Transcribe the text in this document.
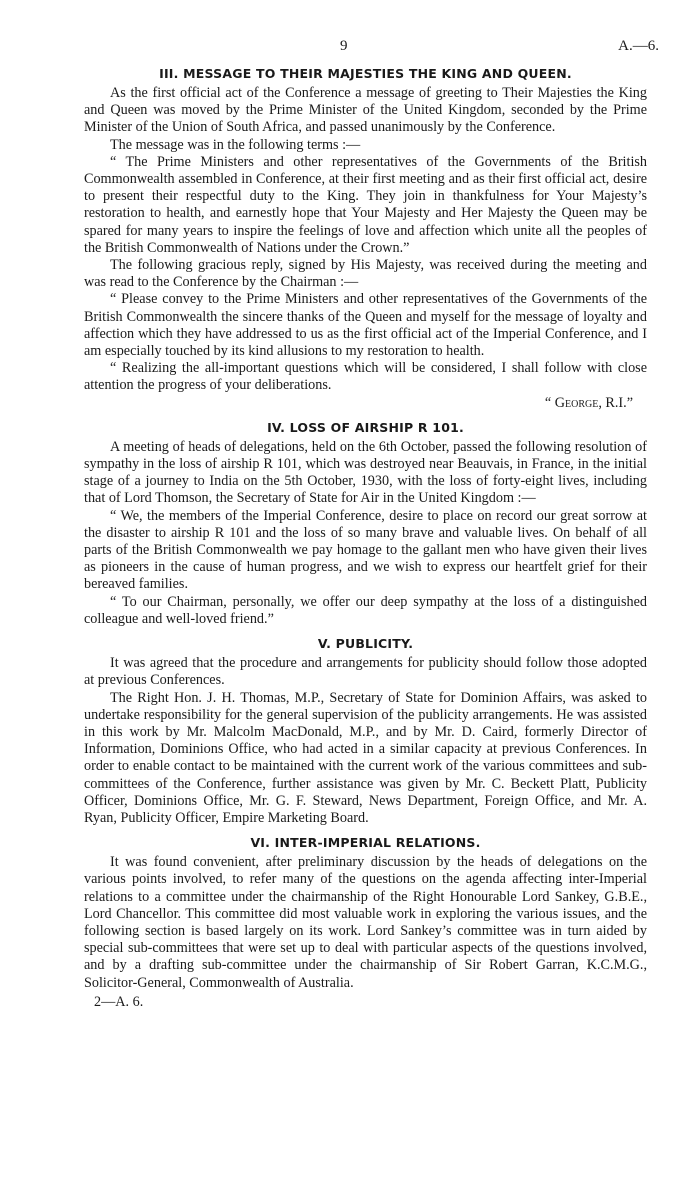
9	A.—6.
III. MESSAGE TO THEIR MAJESTIES THE KING AND QUEEN.

As the first official act of the Conference a message of greeting to Their Majesties the King and Queen was moved by the Prime Minister of the United Kingdom, seconded by the Prime Minister of the Union of South Africa, and passed unanimously by the Conference.

The message was in the following terms :—

“ The Prime Ministers and other representatives of the Governments of the British Commonwealth assembled in Conference, at their first meeting and as their first official act, desire to present their respectful duty to the King. They join in thankfulness for Your Majesty’s restoration to health, and earnestly hope that Your Majesty and Her Majesty the Queen may be spared for many years to inspire the feelings of love and affection which unite all the peoples of the British Commonwealth of Nations under the Crown.”

The following gracious reply, signed by His Majesty, was received during the meeting and was read to the Conference by the Chairman :—

“ Please convey to the Prime Ministers and other representatives of the Governments of the British Commonwealth the sincere thanks of the Queen and myself for the message of loyalty and affection which they have addressed to us as the first official act of the Imperial Conference, and I am especially touched by its kind allusions to my restoration to health.

“ Realizing the all-important questions which will be considered, I shall follow with close attention the progress of your deliberations.

“ George, R.I.”

IV. LOSS OF AIRSHIP R 101.

A meeting of heads of delegations, held on the 6th October, passed the following resolution of sympathy in the loss of airship R 101, which was destroyed near Beauvais, in France, in the initial stage of a journey to India on the 5th October, 1930, with the loss of forty-eight lives, including that of Lord Thomson, the Secretary of State for Air in the United Kingdom :—

“ We, the members of the Imperial Conference, desire to place on record our great sorrow at the disaster to airship R 101 and the loss of so many brave and valuable lives. On behalf of all parts of the British Commonwealth we pay homage to the gallant men who have given their lives as pioneers in the cause of human progress, and we wish to express our heartfelt grief for their bereaved families.

“ To our Chairman, personally, we offer our deep sympathy at the loss of a distinguished colleague and well-loved friend.”

V. PUBLICITY.

It was agreed that the procedure and arrangements for publicity should follow those adopted at previous Conferences.

The Right Hon. J. H. Thomas, M.P., Secretary of State for Dominion Affairs, was asked to undertake responsibility for the general supervision of the publicity arrangements. He was assisted in this work by Mr. Malcolm MacDonald, M.P., and by Mr. D. Caird, formerly Director of Information, Dominions Office, who had acted in a similar capacity at previous Conferences. In order to enable contact to be maintained with the current work of the various committees and sub-committees of the Conference, further assistance was given by Mr. C. Beckett Platt, Publicity Officer, Dominions Office, Mr. G. F. Steward, News Department, Foreign Office, and Mr. A. Ryan, Publicity Officer, Empire Marketing Board.

VI. INTER-IMPERIAL RELATIONS.

It was found convenient, after preliminary discussion by the heads of delegations on the various points involved, to refer many of the questions on the agenda affecting inter-Imperial relations to a committee under the chairmanship of the Right Honourable Lord Sankey, G.B.E., Lord Chancellor. This committee did most valuable work in exploring the various issues, and the following section is based largely on its work. Lord Sankey’s committee was in turn aided by special sub-committees that were set up to deal with particular aspects of the questions involved, and by a drafting sub-committee under the chairmanship of Sir Robert Garran, K.C.M.G., Solicitor-General, Commonwealth of Australia.

2—A. 6.
